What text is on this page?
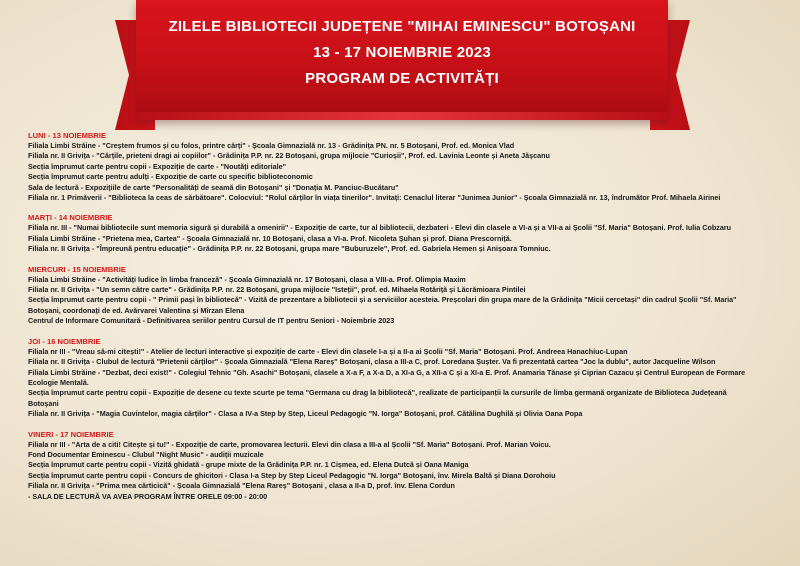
ZILELE BIBLIOTECII JUDEȚENE "MIHAI EMINESCU" BOTOȘANI
13 - 17 NOIEMBRIE 2023
PROGRAM DE ACTIVITĂȚI
LUNI - 13 NOIEMBRIE
Filiala Limbi Străine - "Creștem frumos și cu folos, printre cărți" - Școala Gimnazială nr. 13 - Grădinița PN. nr. 5 Botoșani, Prof. ed. Monica Vlad
Filiala nr. II Grivița - "Cărțile, prieteni dragi ai copiilor" - Grădinița P.P. nr. 22 Botoșani, grupa mijlocie "Curioșii", Prof. ed. Lavinia Leonte și Aneta Jășcanu
Secția împrumut carte pentru copii - Expoziție de carte - "Noutăți editoriale"
Secția împrumut carte pentru adulți - Expoziție de carte cu specific biblioteconomic
Sala de lectură - Expozițiile de carte "Personalități de seamă din Botoșani" și "Donația M. Panciuc-Bucătaru"
Filiala nr. 1 Primăverii - "Biblioteca la ceas de sărbătoare". Colocviul: "Rolul cărților în viața tinerilor". Invitați: Cenaclul literar "Junimea Junior" - Școala Gimnazială nr. 13, îndrumător Prof. Mihaela Airinei
MARȚI - 14 NOIEMBRIE
Filiala nr. III - "Numai bibliotecile sunt memoria sigură și durabilă a omenirii" - Expoziție de carte, tur al bibliotecii, dezbateri - Elevi din clasele a VI-a și a VII-a ai Școlii "Sf. Maria" Botoșani. Prof. Iulia Cobzaru
Filiala Limbi Străine - "Prietena mea, Cartea" - Școala Gimnazială nr. 10 Botoșani, clasa a VI-a. Prof. Nicoleta Șuhan și prof. Diana Prescorniță.
Filiala nr. II Grivița - "Împreună pentru educație" - Grădinița P.P. nr. 22 Botoșani, grupa mare "Buburuzele", Prof. ed. Gabriela Hemen și Anișoara Tomniuc.
MIERCURI - 15 NOIEMBRIE
Filiala Limbi Străine - "Activități ludice în limba franceză" - Școala Gimnazială nr. 17 Botoșani, clasa a VIII-a. Prof. Olimpia Maxim
Filiala nr. II Grivița - "Un semn către carte" - Grădinița P.P. nr. 22 Botoșani, grupa mijlocie "Isteții", prof. ed. Mihaela Rotăriță și Lăcrămioara Pintilei
Secția împrumut carte pentru copii - " Primii pași în bibliotecă" - Vizită de prezentare a bibliotecii și a serviciilor acesteia. Preșcolari din grupa mare de la Grădinița "Micii cercetași" din cadrul Școlii "Sf. Maria" Botoșani, coordonați de ed. Avărvarei Valentina și Mîrzan Elena
Centrul de Informare Comunitară - Definitivarea seriilor pentru Cursul de IT pentru Seniori - Noiembrie 2023
JOI - 16 NOIEMBRIE
Filiala nr III - "Vreau să-mi citești!" - Atelier de lecturi interactive și expoziție de carte - Elevi din clasele I-a și a II-a ai Școlii "Sf. Maria" Botoșani. Prof. Andreea Hanachiuc-Lupan
Filiala nr. II Grivița - Clubul de lectură "Prietenii cărților" - Școala Gimnazială "Elena Rareș" Botoșani, clasa a III-a C, prof. Loredana Șușter. Va fi prezentată cartea "Joc la dublu", autor Jacqueline Wilson
Filiala Limbi Străine - "Dezbat, deci exist!" - Colegiul Tehnic "Gh. Asachi" Botoșani, clasele a X-a F, a X-a D, a XI-a G, a XII-a C și a XI-a E. Prof. Anamaria Tănase și Ciprian Cazacu și Centrul European de Formare Ecologie Mentală.
Secția împrumut carte pentru copii - Expoziție de desene cu texte scurte pe tema "Germana cu drag la bibliotecă", realizate de participanții la cursurile de limba germană organizate de Biblioteca Județeană Botoșani
Filiala nr. II Grivița - "Magia Cuvintelor, magia cărților" - Clasa a IV-a Step by Step, Liceul Pedagogic "N. Iorga" Botoșani, prof. Cătălina Dughilă și Olivia Oana Popa
VINERI - 17 NOIEMBRIE
Filiala nr III - "Arta de a citi! Citește și tu!" - Expoziție de carte, promovarea lecturii. Elevi din clasa a III-a al Școlii "Sf. Maria" Botoșani. Prof. Marian Voicu.
Fond Documentar Eminescu - Clubul "Night Music" - audiții muzicale
Secția împrumut carte pentru copii - Vizită ghidată - grupe mixte de la Grădinița P.P. nr. 1 Cișmea, ed. Elena Dutcă și Oana Maniga
Secția împrumut carte pentru copii - Concurs de ghicitori - Clasa I-a Step by Step Liceul Pedagogic "N. Iorga" Botoșani, înv. Mirela Baltă și Diana Dorohoiu
Filiala nr. II Grivița - "Prima mea cărticică" - Școala Gimnazială "Elena Rareș" Botoșani , clasa a II-a D, prof. înv. Elena Cordun
- SALA DE LECTURĂ VA AVEA PROGRAM ÎNTRE ORELE 09:00 - 20:00
